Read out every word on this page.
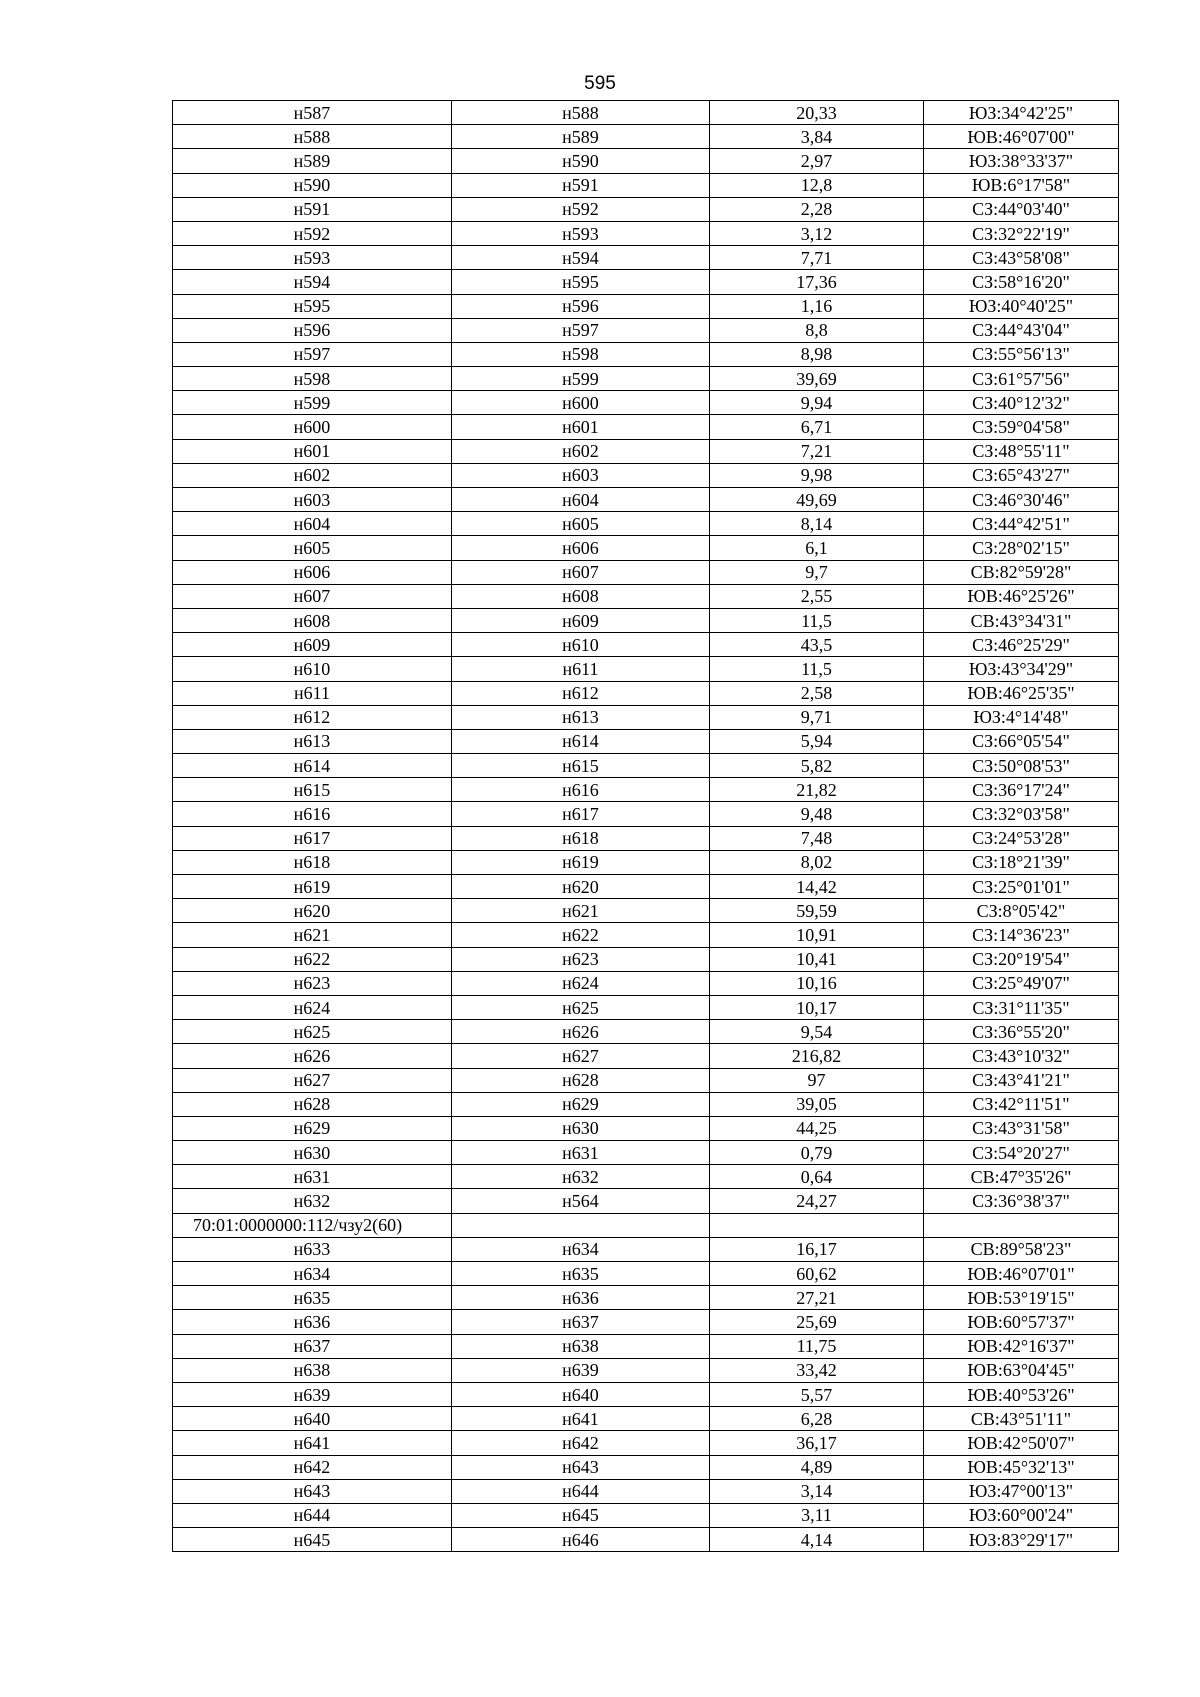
595
н587	н588	20,33	ЮЗ:34°42'25"
н588	н589	3,84	ЮВ:46°07'00"
н589	н590	2,97	ЮЗ:38°33'37"
н590	н591	12,8	ЮВ:6°17'58"
н591	н592	2,28	СЗ:44°03'40"
н592	н593	3,12	СЗ:32°22'19"
н593	н594	7,71	СЗ:43°58'08"
н594	н595	17,36	СЗ:58°16'20"
н595	н596	1,16	ЮЗ:40°40'25"
н596	н597	8,8	СЗ:44°43'04"
н597	н598	8,98	СЗ:55°56'13"
н598	н599	39,69	СЗ:61°57'56"
н599	н600	9,94	СЗ:40°12'32"
н600	н601	6,71	СЗ:59°04'58"
н601	н602	7,21	СЗ:48°55'11"
н602	н603	9,98	СЗ:65°43'27"
н603	н604	49,69	СЗ:46°30'46"
н604	н605	8,14	СЗ:44°42'51"
н605	н606	6,1	СЗ:28°02'15"
н606	н607	9,7	СВ:82°59'28"
н607	н608	2,55	ЮВ:46°25'26"
н608	н609	11,5	СВ:43°34'31"
н609	н610	43,5	СЗ:46°25'29"
н610	н611	11,5	ЮЗ:43°34'29"
н611	н612	2,58	ЮВ:46°25'35"
н612	н613	9,71	ЮЗ:4°14'48"
н613	н614	5,94	СЗ:66°05'54"
н614	н615	5,82	СЗ:50°08'53"
н615	н616	21,82	СЗ:36°17'24"
н616	н617	9,48	СЗ:32°03'58"
н617	н618	7,48	СЗ:24°53'28"
н618	н619	8,02	СЗ:18°21'39"
н619	н620	14,42	СЗ:25°01'01"
н620	н621	59,59	СЗ:8°05'42"
н621	н622	10,91	СЗ:14°36'23"
н622	н623	10,41	СЗ:20°19'54"
н623	н624	10,16	СЗ:25°49'07"
н624	н625	10,17	СЗ:31°11'35"
н625	н626	9,54	СЗ:36°55'20"
н626	н627	216,82	СЗ:43°10'32"
н627	н628	97	СЗ:43°41'21"
н628	н629	39,05	СЗ:42°11'51"
н629	н630	44,25	СЗ:43°31'58"
н630	н631	0,79	СЗ:54°20'27"
н631	н632	0,64	СВ:47°35'26"
н632	н564	24,27	СЗ:36°38'37"
70:01:0000000:112/чзу2(60)			
н633	н634	16,17	СВ:89°58'23"
н634	н635	60,62	ЮВ:46°07'01"
н635	н636	27,21	ЮВ:53°19'15"
н636	н637	25,69	ЮВ:60°57'37"
н637	н638	11,75	ЮВ:42°16'37"
н638	н639	33,42	ЮВ:63°04'45"
н639	н640	5,57	ЮВ:40°53'26"
н640	н641	6,28	СВ:43°51'11"
н641	н642	36,17	ЮВ:42°50'07"
н642	н643	4,89	ЮВ:45°32'13"
н643	н644	3,14	ЮЗ:47°00'13"
н644	н645	3,11	ЮЗ:60°00'24"
н645	н646	4,14	ЮЗ:83°29'17"
